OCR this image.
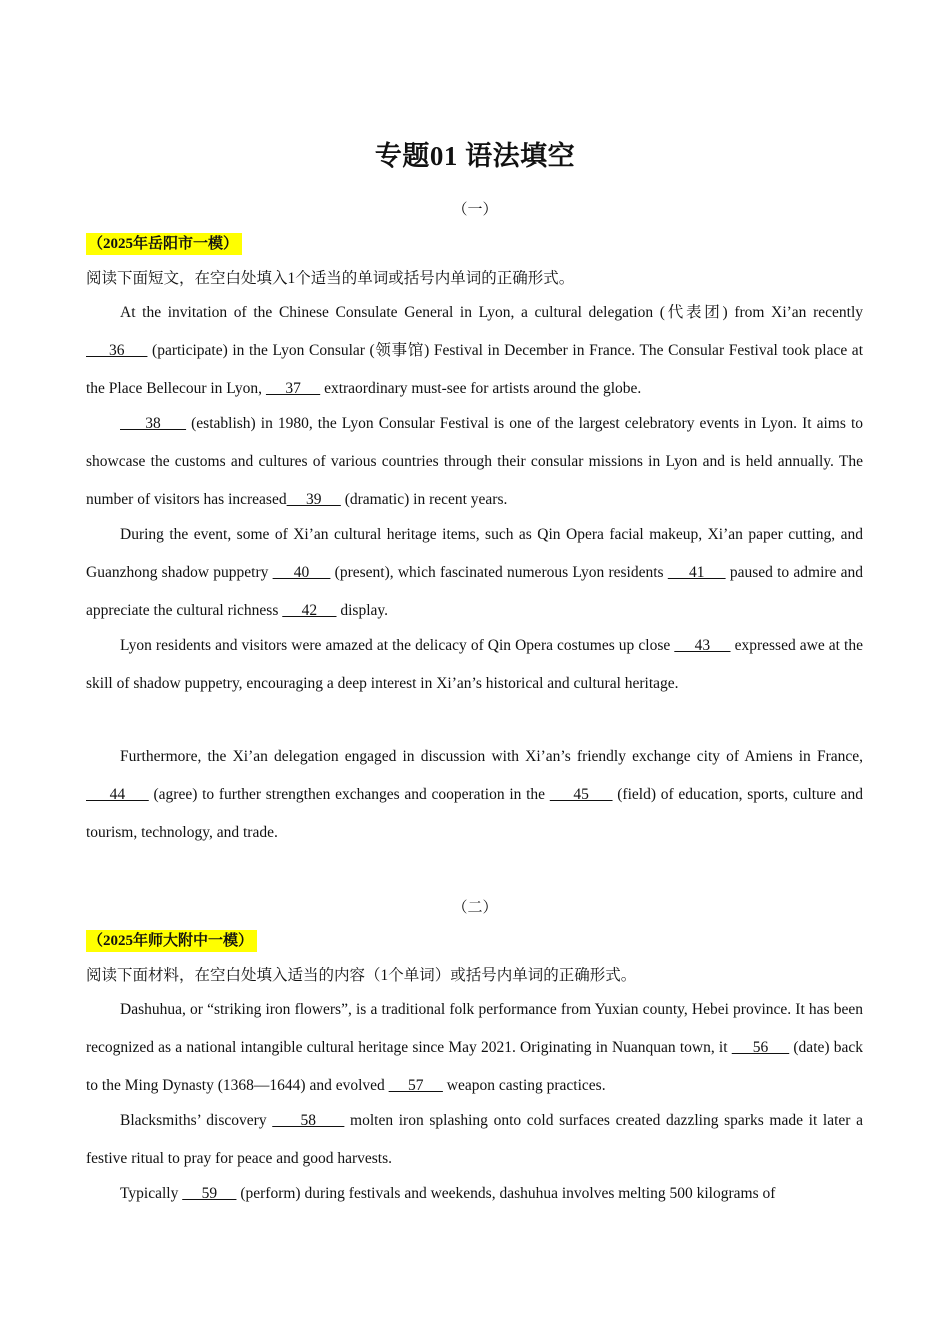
专题01 语法填空
（一）
（2025年岳阳市一模）
阅读下面短文，在空白处填入1个适当的单词或括号内单词的正确形式。

At the invitation of the Chinese Consulate General in Lyon, a cultural delegation (代表团) from Xi’an recently      36      (participate) in the Lyon Consular (领事馆) Festival in December in France. The Consular Festival took place at the Place Bellecour in Lyon,      37      extraordinary must-see for artists around the globe.

38      (establish) in 1980, the Lyon Consular Festival is one of the largest celebratory events in Lyon. It aims to showcase the customs and cultures of various countries through their consular missions in Lyon and is held annually. The number of visitors has increased     39      (dramatic) in recent years.

During the event, some of Xi’an cultural heritage items, such as Qin Opera facial makeup, Xi’an paper cutting, and Guanzhong shadow puppetry      40      (present), which fascinated numerous Lyon residents      41      paused to admire and appreciate the cultural richness      42      display.

Lyon residents and visitors were amazed at the delicacy of Qin Opera costumes up close      43      expressed awe at the skill of shadow puppetry, encouraging a deep interest in Xi’an’s historical and cultural heritage.

Furthermore, the Xi’an delegation engaged in discussion with Xi’an’s friendly exchange city of Amiens in France,      44      (agree) to further strengthen exchanges and cooperation in the      45      (field) of education, sports, culture and tourism, technology, and trade.

（二）
（2025年师大附中一模）
阅读下面材料，在空白处填入适当的内容（1个单词）或括号内单词的正确形式。

Dashuhua, or “striking iron flowers”, is a traditional folk performance from Yuxian county, Hebei province. It has been recognized as a national intangible cultural heritage since May 2021. Originating in Nuanquan town, it      56      (date) back to the Ming Dynasty (1368—1644) and evolved      57      weapon casting practices.

Blacksmiths’ discovery      58      molten iron splashing onto cold surfaces created dazzling sparks made it later a festive ritual to pray for peace and good harvests.

Typically      59      (perform) during festivals and weekends, dashuhua involves melting 500 kilograms of
